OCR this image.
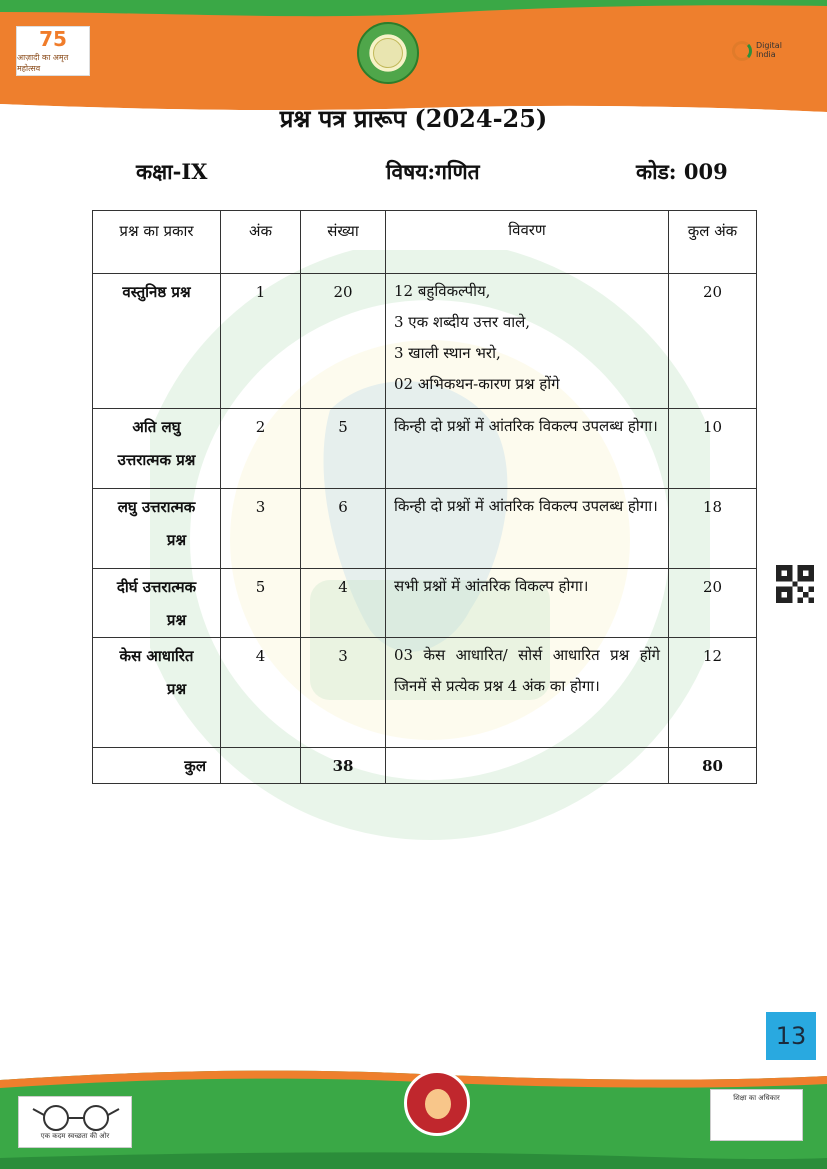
75
आज़ादी का अमृत महोत्सव
Digital India
प्रश्न पत्र प्रारूप (2024-25)
कक्षा-IX	विषय:गणित	कोड: 009
प्रश्न का प्रकार	अंक	संख्या	विवरण	कुल अंक
वस्तुनिष्ठ प्रश्न	1	20	12 बहुविकल्पीय,
3 एक शब्दीय उत्तर वाले,
3 खाली स्थान भरो,
02 अभिकथन-कारण प्रश्न होंगे	20

अति लघु
उत्तरात्मक प्रश्न	2	5	किन्ही दो प्रश्नों में आंतरिक विकल्प उपलब्ध होगा।	10

लघु उत्तरात्मक
प्रश्न	3	6	किन्ही दो प्रश्नों में आंतरिक विकल्प उपलब्ध होगा।	18

दीर्घ उत्तरात्मक
प्रश्न	5	4	सभी प्रश्नों में आंतरिक विकल्प होगा।	20

केस आधारित
प्रश्न	4	3	03 केस आधारित/ सोर्स आधारित प्रश्न होंगे जिनमें से प्रत्येक प्रश्न 4 अंक का होगा।	12
कुल		38		80
13
एक कदम स्वच्छता की ओर
शिक्षा का अधिकार
